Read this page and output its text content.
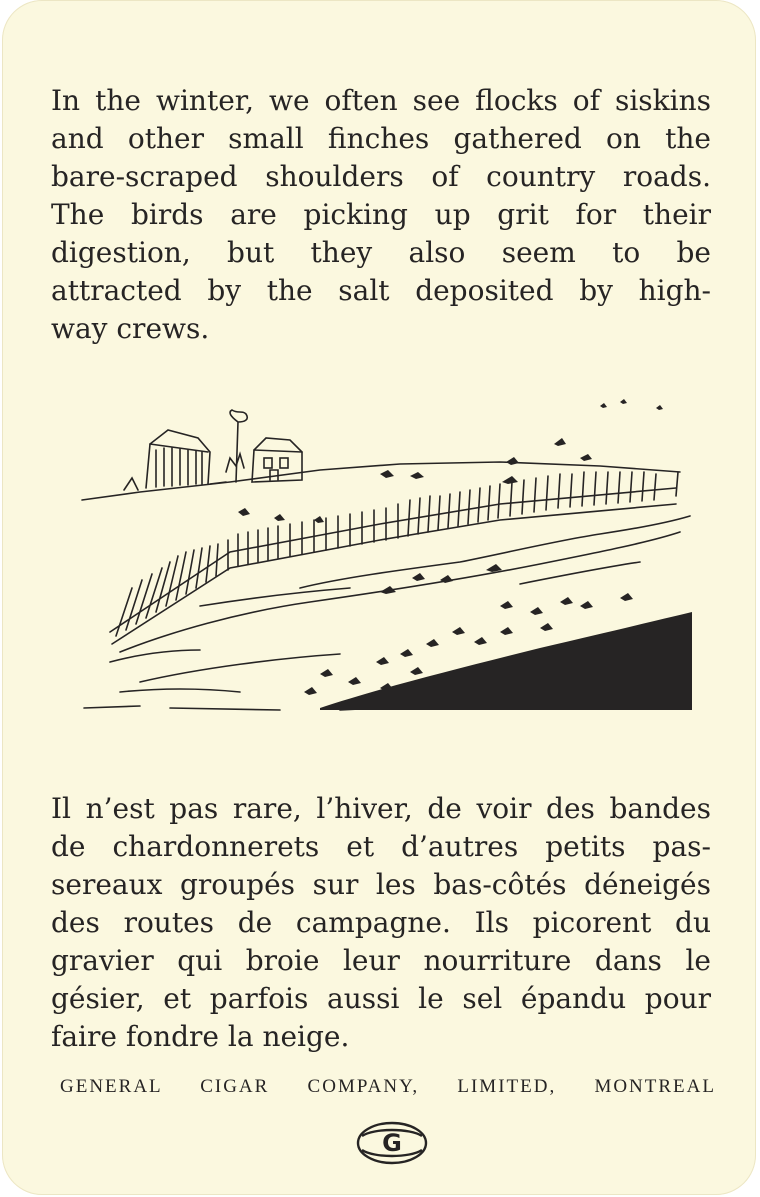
In the winter, we often see flocks of siskins
and other small finches gathered on the
bare-scraped shoulders of country roads.
The birds are picking up grit for their
digestion, but they also seem to be
attracted by the salt deposited by high-
way crews.
Il n’est pas rare, l’hiver, de voir des bandes
de chardonnerets et d’autres petits pas-
sereaux groupés sur les bas-côtés déneigés
des routes de campagne. Ils picorent du
gravier qui broie leur nourriture dans le
gésier, et parfois aussi le sel épandu pour
faire fondre la neige.
GENERAL CIGAR COMPANY, LIMITED, MONTREAL
G
